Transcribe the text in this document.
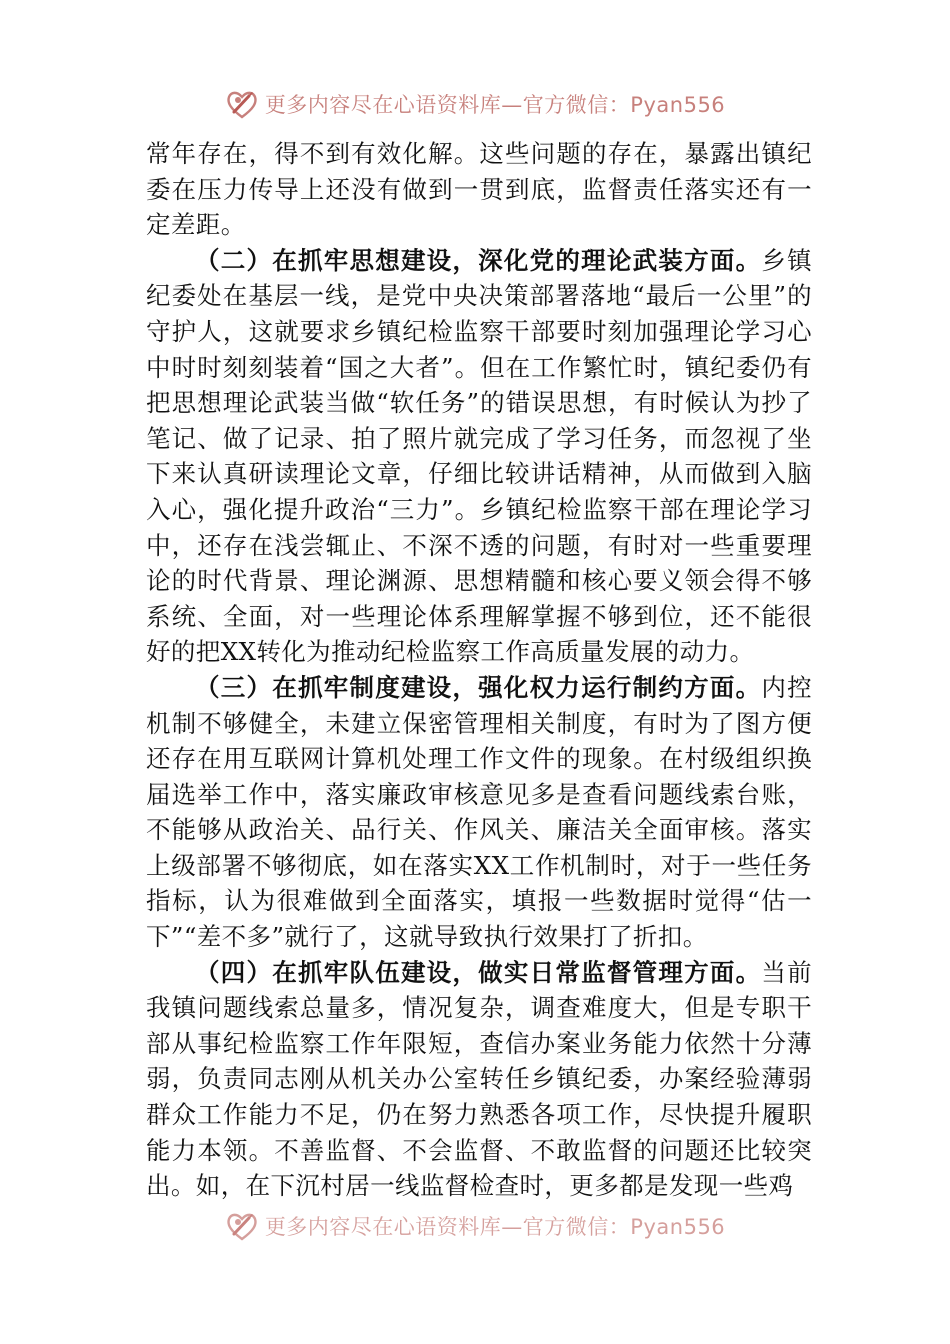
更多内容尽在心语资料库—官方微信：Pyan556

常年存在，得不到有效化解。这些问题的存在，暴露出镇纪委在压力传导上还没有做到一贯到底，监督责任落实还有一定差距。

（二）在抓牢思想建设，深化党的理论武装方面。乡镇纪委处在基层一线，是党中央决策部署落地“最后一公里”的守护人，这就要求乡镇纪检监察干部要时刻加强理论学习心中时时刻刻装着“国之大者”。但在工作繁忙时，镇纪委仍有把思想理论武装当做“软任务”的错误思想，有时候认为抄了笔记、做了记录、拍了照片就完成了学习任务，而忽视了坐下来认真研读理论文章，仔细比较讲话精神，从而做到入脑入心，强化提升政治“三力”。乡镇纪检监察干部在理论学习中，还存在浅尝辄止、不深不透的问题，有时对一些重要理论的时代背景、理论渊源、思想精髓和核心要义领会得不够系统、全面，对一些理论体系理解掌握不够到位，还不能很好的把XX转化为推动纪检监察工作高质量发展的动力。

（三）在抓牢制度建设，强化权力运行制约方面。内控机制不够健全，未建立保密管理相关制度，有时为了图方便还存在用互联网计算机处理工作文件的现象。在村级组织换届选举工作中，落实廉政审核意见多是查看问题线索台账，不能够从政治关、品行关、作风关、廉洁关全面审核。落实上级部署不够彻底，如在落实XX工作机制时，对于一些任务指标，认为很难做到全面落实，填报一些数据时觉得“估一下”“差不多”就行了，这就导致执行效果打了折扣。

（四）在抓牢队伍建设，做实日常监督管理方面。当前我镇问题线索总量多，情况复杂，调查难度大，但是专职干部从事纪检监察工作年限短，查信办案业务能力依然十分薄弱，负责同志刚从机关办公室转任乡镇纪委，办案经验薄弱群众工作能力不足，仍在努力熟悉各项工作，尽快提升履职能力本领。不善监督、不会监督、不敢监督的问题还比较突出。如，在下沉村居一线监督检查时，更多都是发现一些鸡

更多内容尽在心语资料库—官方微信：Pyan556
